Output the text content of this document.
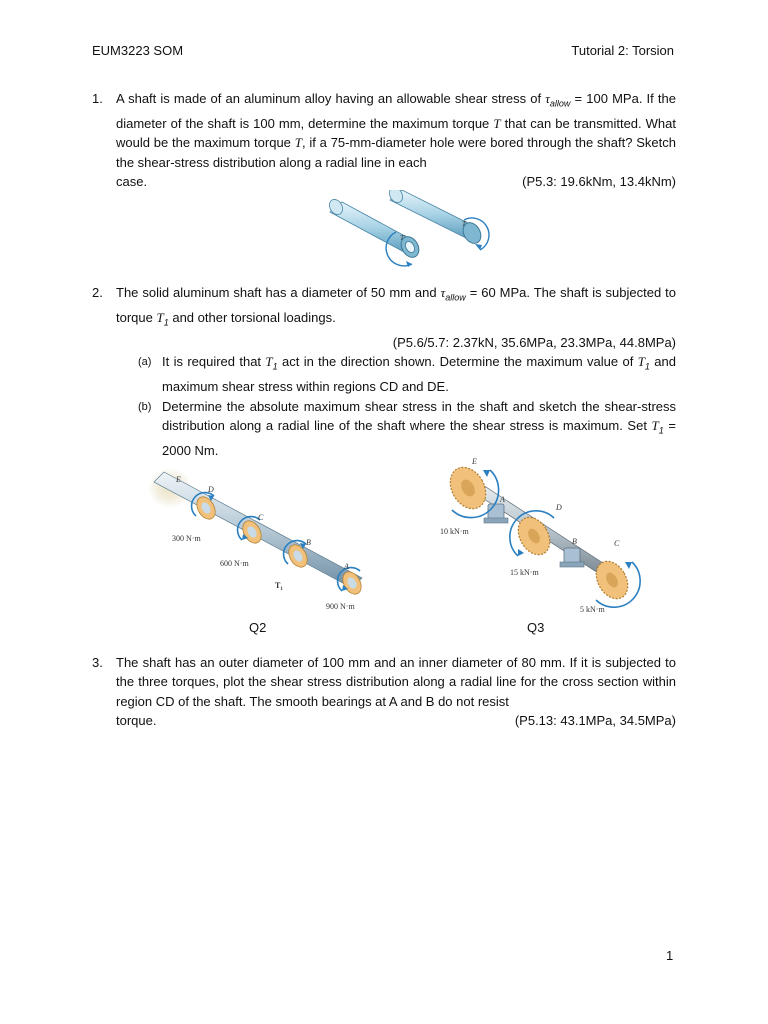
EUM3223 SOM	Tutorial 2: Torsion
1. A shaft is made of an aluminum alloy having an allowable shear stress of $\tau_{allow} = 100$ MPa. If the diameter of the shaft is 100 mm, determine the maximum torque T that can be transmitted. What would be the maximum torque T, if a 75-mm-diameter hole were bored through the shaft? Sketch the shear-stress distribution along a radial line in each
case.	(P5.3: 19.6kNm, 13.4kNm)
T′
T
2. The solid aluminum shaft has a diameter of 50 mm and $\tau_{allow} = 60$ MPa. The shaft is subjected to torque $T_1$ and other torsional loadings.
(P5.6/5.7: 2.37kN, 35.6MPa, 23.3MPa, 44.8MPa)
(a) It is required that $T_1$ act in the direction shown. Determine the maximum value of $T_1$ and maximum shear stress within regions CD and DE.
(b) Determine the absolute maximum shear stress in the shaft and sketch the shear-stress distribution along a radial line of the shaft where the shear stress is maximum. Set $T_1 = 2000$ Nm.
E
D
C
B
A
300 N·m
600 N·m
$T_1$
900 N·m
Q2
E
A
D
B	C
10 kN·m
15 kN·m
5 kN·m
Q3
3. The shaft has an outer diameter of 100 mm and an inner diameter of 80 mm. If it is subjected to the three torques, plot the shear stress distribution along a radial line for the cross section within region CD of the shaft. The smooth bearings at A and B do not resist
torque.	(P5.13: 43.1MPa, 34.5MPa)
1
